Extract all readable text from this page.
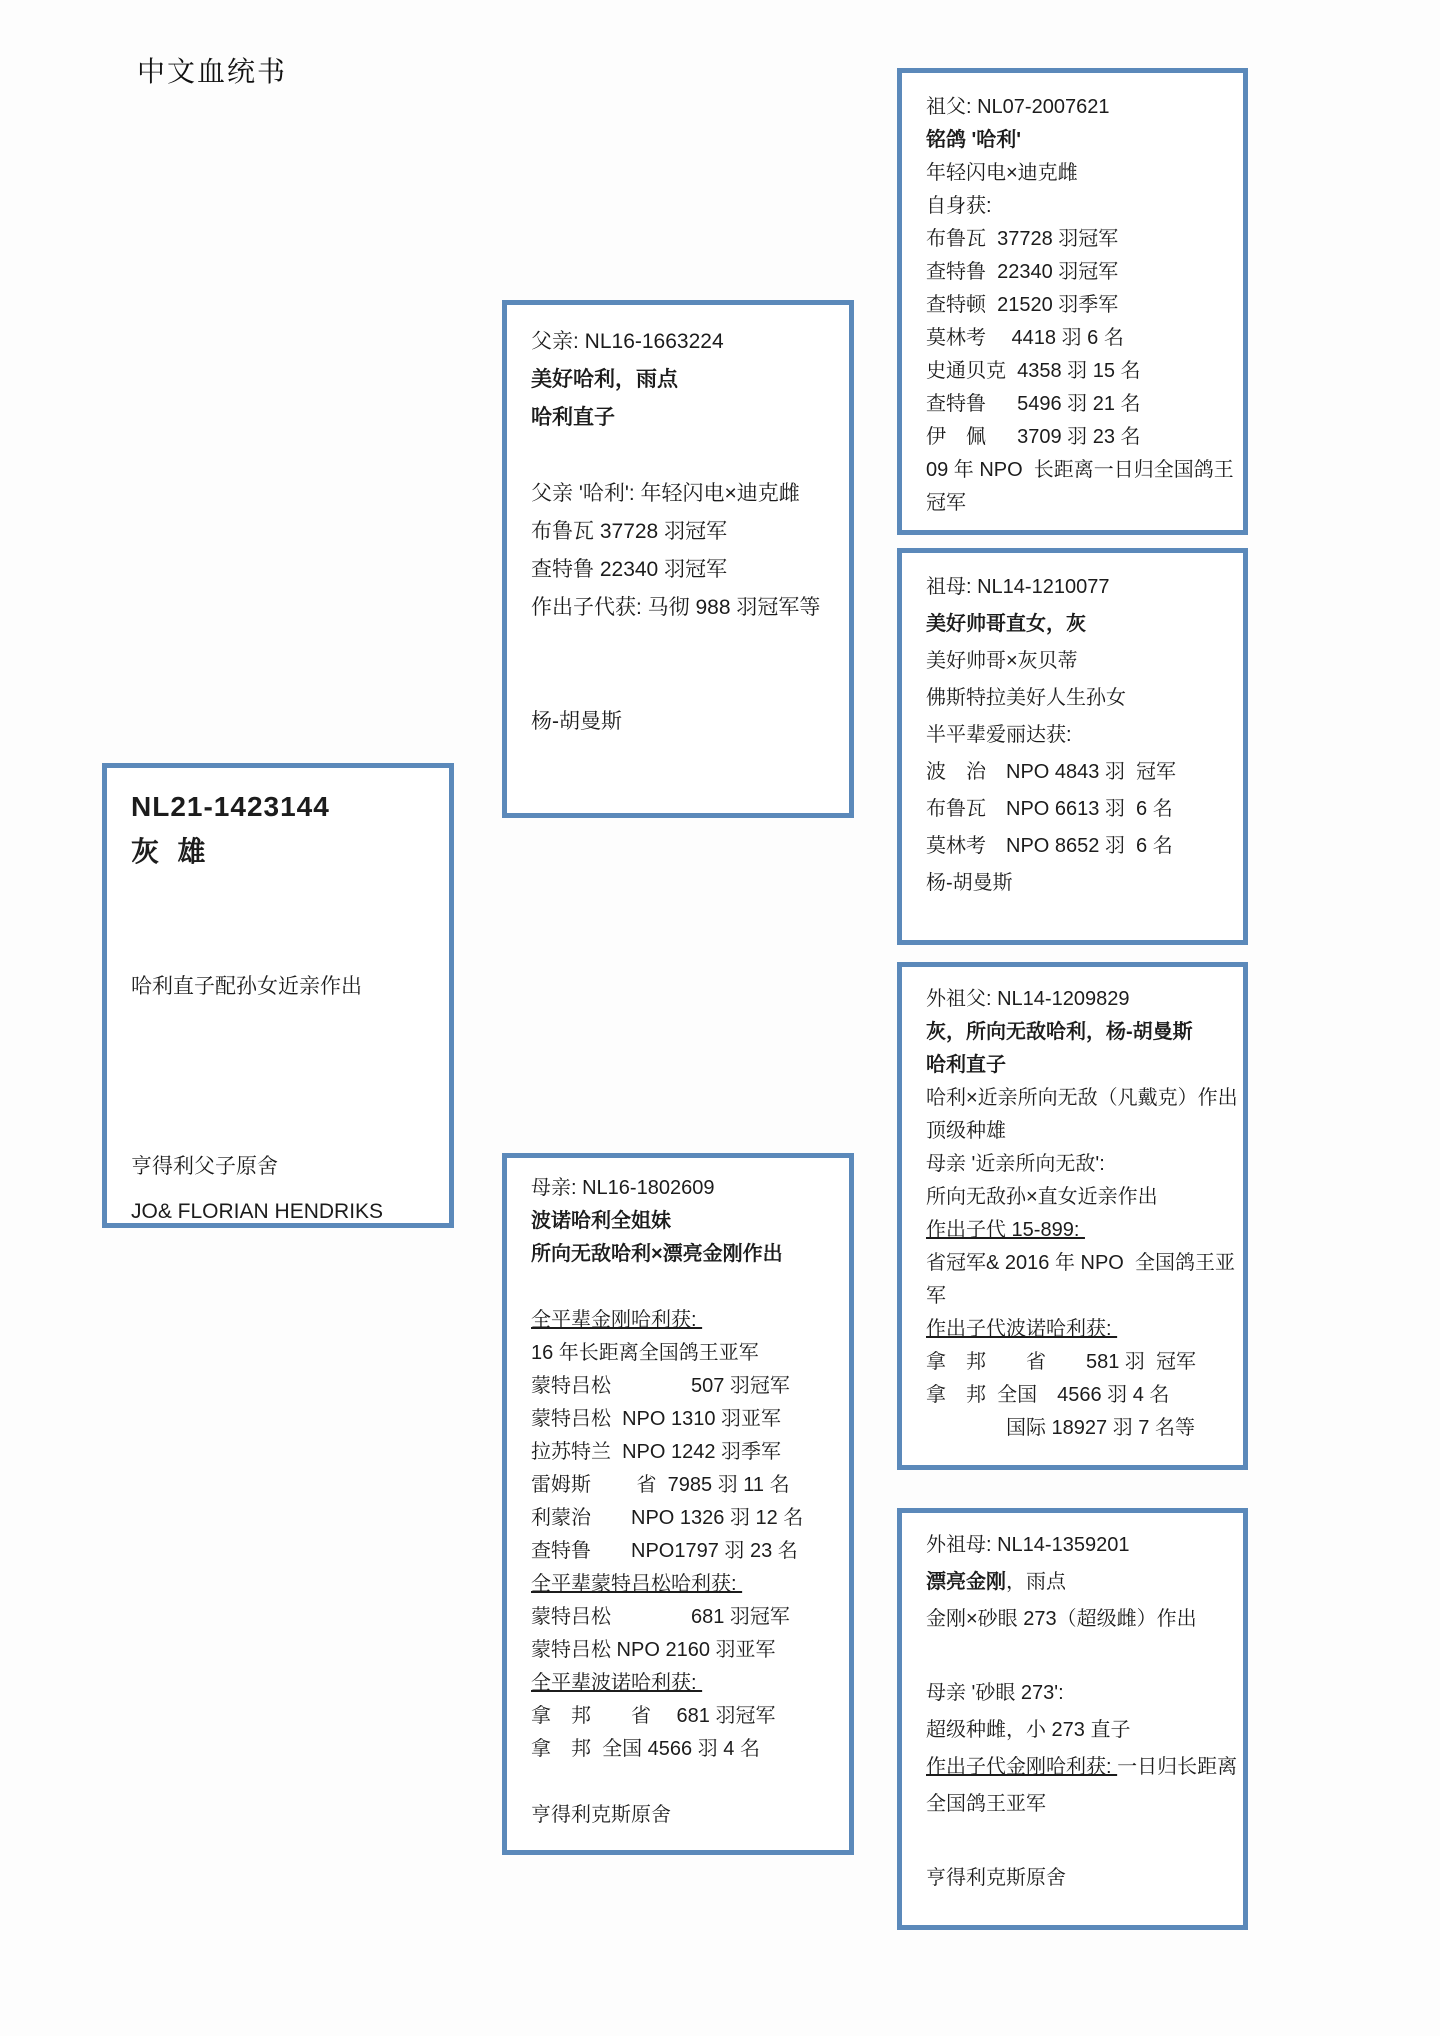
中文血统书
NL21-1423144
灰  雄

哈利直子配孙女近亲作出

亨得利父子原舍
JO& FLORIAN HENDRIKS
父亲: NL16-1663224
美好哈利，雨点
哈利直子

父亲 '哈利': 年轻闪电×迪克雌
布鲁瓦 37728 羽冠军
查特鲁 22340 羽冠军
作出子代获: 马彻 988 羽冠军等

杨-胡曼斯
母亲: NL16-1802609
波诺哈利全姐妹
所向无敌哈利×漂亮金刚作出

全平辈金刚哈利获:
16 年长距离全国鸽王亚军
蒙特吕松　　　　507 羽冠军
蒙特吕松  NPO 1310 羽亚军
拉苏特兰  NPO 1242 羽季军
雷姆斯　　 省  7985 羽 11 名
利蒙治　　NPO 1326 羽 12 名
查特鲁　　NPO1797 羽 23 名
全平辈蒙特吕松哈利获:
蒙特吕松　　　　681 羽冠军
蒙特吕松 NPO 2160 羽亚军
全平辈波诺哈利获:
拿　邦　　省　 681 羽冠军
拿　邦  全国 4566 羽 4 名

亨得利克斯原舍
祖父: NL07-2007621
铭鸽 '哈利'
年轻闪电×迪克雌
自身获:
布鲁瓦  37728 羽冠军
查特鲁  22340 羽冠军
查特顿  21520 羽季军
莫林考　 4418 羽 6 名
史通贝克  4358 羽 15 名
查特鲁　  5496 羽 21 名
伊　佩　  3709 羽 23 名
09 年 NPO  长距离一日归全国鸽王
冠军
祖母: NL14-1210077
美好帅哥直女，灰
美好帅哥×灰贝蒂
佛斯特拉美好人生孙女
半平辈爱丽达获:
波　治　NPO 4843 羽  冠军
布鲁瓦　NPO 6613 羽  6 名
莫林考　NPO 8652 羽  6 名
杨-胡曼斯
外祖父: NL14-1209829
灰，所向无敌哈利，杨-胡曼斯
哈利直子
哈利×近亲所向无敌（凡戴克）作出
顶级种雄
母亲 '近亲所向无敌':
所向无敌孙×直女近亲作出
作出子代 15-899:
省冠军& 2016 年 NPO  全国鸽王亚
军
作出子代波诺哈利获:
拿　邦　　省　　581 羽  冠军
拿　邦  全国　4566 羽 4 名
　　　　国际 18927 羽 7 名等
外祖母: NL14-1359201
漂亮金刚，雨点
金刚×砂眼 273（超级雌）作出

母亲 '砂眼 273':
超级种雌，小 273 直子
作出子代金刚哈利获: 一日归长距离
全国鸽王亚军

亨得利克斯原舍
